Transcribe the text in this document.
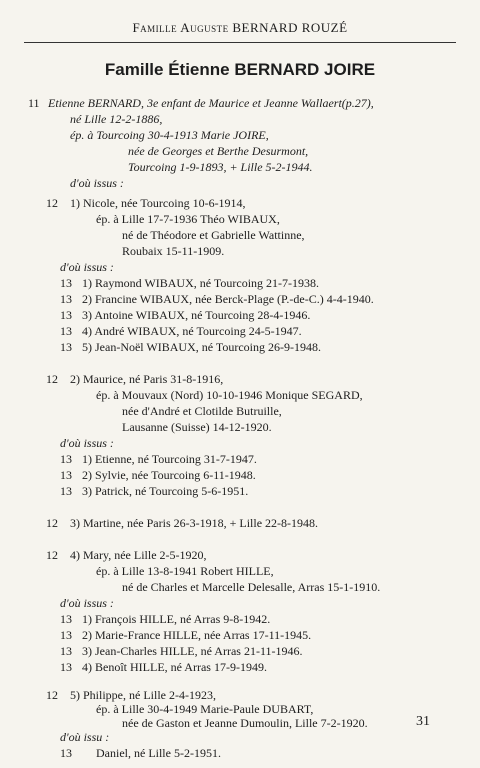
Famille Auguste BERNARD ROUZÉ
Famille Étienne BERNARD JOIRE
11 Etienne BERNARD, 3e enfant de Maurice et Jeanne Wallaert(p.27),
né Lille 12-2-1886,
ép. à Tourcoing 30-4-1913 Marie JOIRE,
née de Georges et Berthe Desurmont,
Tourcoing 1-9-1893, + Lille 5-2-1944.
d'où issus :
12 1) Nicole, née Tourcoing 10-6-1914,
ép. à Lille 17-7-1936 Théo WIBAUX,
né de Théodore et Gabrielle Wattinne,
Roubaix 15-11-1909.
d'où issus :
13 1) Raymond WIBAUX, né Tourcoing 21-7-1938.
13 2) Francine WIBAUX, née Berck-Plage (P.-de-C.) 4-4-1940.
13 3) Antoine WIBAUX, né Tourcoing 28-4-1946.
13 4) André WIBAUX, né Tourcoing 24-5-1947.
13 5) Jean-Noël WIBAUX, né Tourcoing 26-9-1948.
12 2) Maurice, né Paris 31-8-1916,
ép. à Mouvaux (Nord) 10-10-1946 Monique SEGARD,
née d'André et Clotilde Butruille,
Lausanne (Suisse) 14-12-1920.
d'où issus :
13 1) Etienne, né Tourcoing 31-7-1947.
13 2) Sylvie, née Tourcoing 6-11-1948.
13 3) Patrick, né Tourcoing 5-6-1951.
12 3) Martine, née Paris 26-3-1918, + Lille 22-8-1948.
12 4) Mary, née Lille 2-5-1920,
ép. à Lille 13-8-1941 Robert HILLE,
né de Charles et Marcelle Delesalle, Arras 15-1-1910.
d'où issus :
13 1) François HILLE, né Arras 9-8-1942.
13 2) Marie-France HILLE, née Arras 17-11-1945.
13 3) Jean-Charles HILLE, né Arras 21-11-1946.
13 4) Benoît HILLE, né Arras 17-9-1949.
12 5) Philippe, né Lille 2-4-1923,
ép. à Lille 30-4-1949 Marie-Paule DUBART,
née de Gaston et Jeanne Dumoulin, Lille 7-2-1920.
d'où issu :
13 Daniel, né Lille 5-2-1951.
31
